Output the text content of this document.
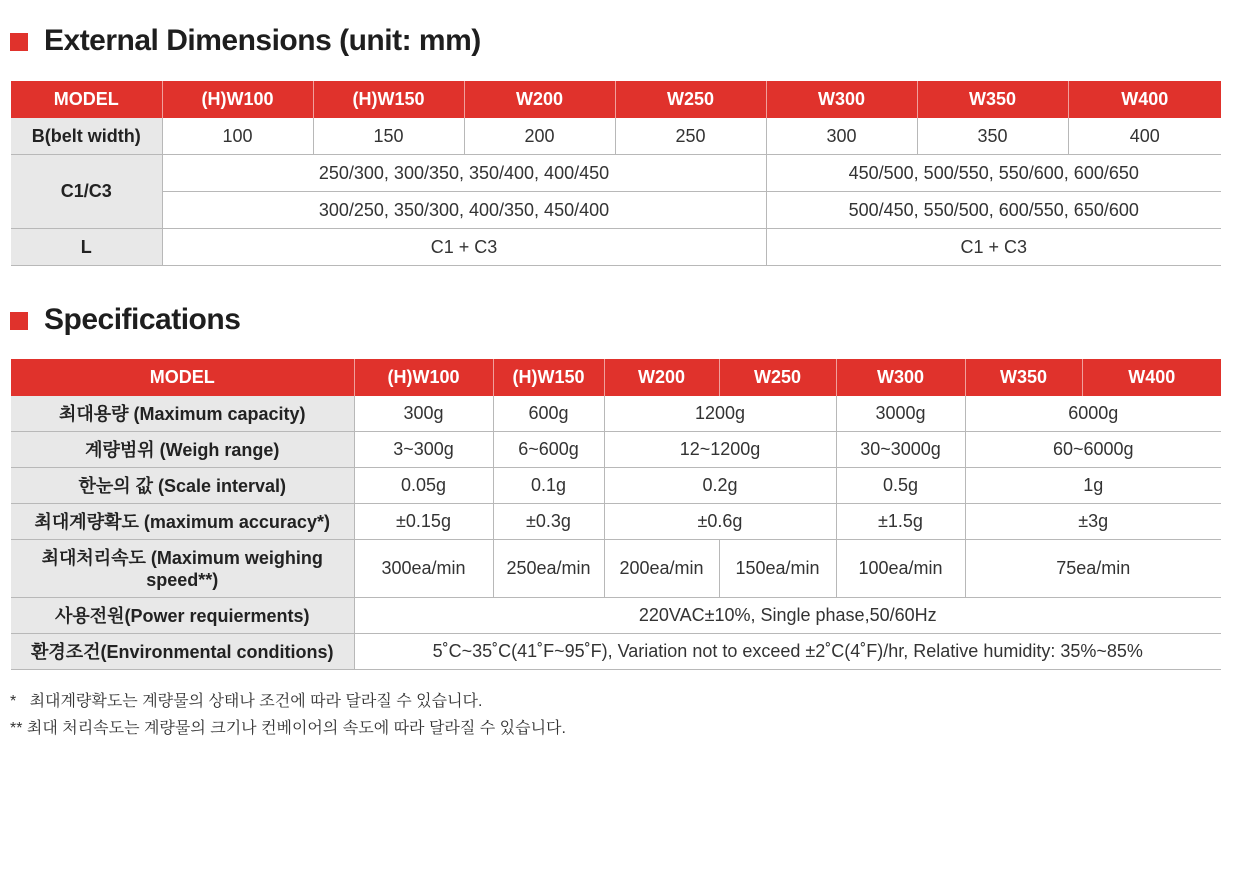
External Dimensions (unit: mm)
MODEL	(H)W100	(H)W150	W200	W250	W300	W350	W400
B(belt width)	100	150	200	250	300	350	400
C1/C3	250/300, 300/350, 350/400, 400/450				450/500, 500/550, 550/600, 600/650		
	300/250, 350/300, 400/350, 450/400				500/450, 550/500, 600/550, 650/600		
L	C1 + C3				C1 + C3		
Specifications
MODEL	(H)W100	(H)W150	W200	W250	W300	W350	W400
최대용량 (Maximum capacity)	300g	600g	1200g		3000g	6000g	
계량범위 (Weigh range)	3~300g	6~600g	12~1200g		30~3000g	60~6000g	
한눈의 값 (Scale interval)	0.05g	0.1g	0.2g		0.5g	1g	
최대계량확도 (maximum accuracy*)	±0.15g	±0.3g	±0.6g		±1.5g	±3g	
최대처리속도 (Maximum weighing speed**)	300ea/min	250ea/min	200ea/min	150ea/min	100ea/min	75ea/min	
사용전원(Power requierments)	220VAC±10%, Single phase,50/60Hz						
환경조건(Environmental conditions)	5˚C~35˚C(41˚F~95˚F), Variation not to exceed ±2˚C(4˚F)/hr, Relative humidity: 35%~85%						
*   최대계량확도는 계량물의 상태나 조건에 따라 달라질 수 있습니다.
** 최대 처리속도는 계량물의 크기나 컨베이어의 속도에 따라 달라질 수 있습니다.
